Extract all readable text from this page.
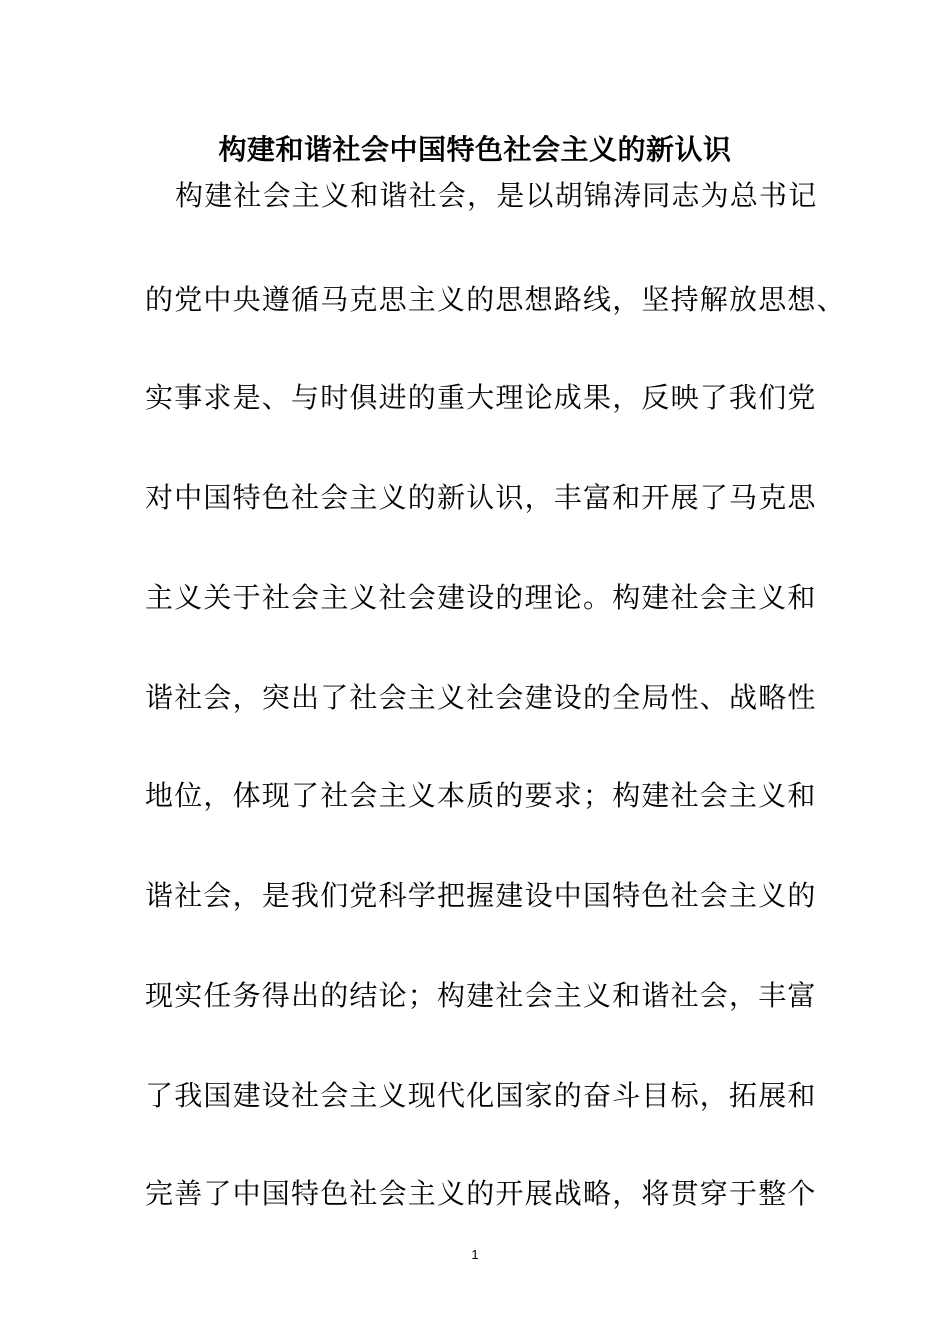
构建和谐社会中国特色社会主义的新认识
构建社会主义和谐社会，是以胡锦涛同志为总书记
的党中央遵循马克思主义的思想路线，坚持解放思想、
实事求是、与时俱进的重大理论成果，反映了我们党
对中国特色社会主义的新认识，丰富和开展了马克思
主义关于社会主义社会建设的理论。构建社会主义和
谐社会，突出了社会主义社会建设的全局性、战略性
地位，体现了社会主义本质的要求；构建社会主义和
谐社会，是我们党科学把握建设中国特色社会主义的
现实任务得出的结论；构建社会主义和谐社会，丰富
了我国建设社会主义现代化国家的奋斗目标，拓展和
完善了中国特色社会主义的开展战略，将贯穿于整个
1
